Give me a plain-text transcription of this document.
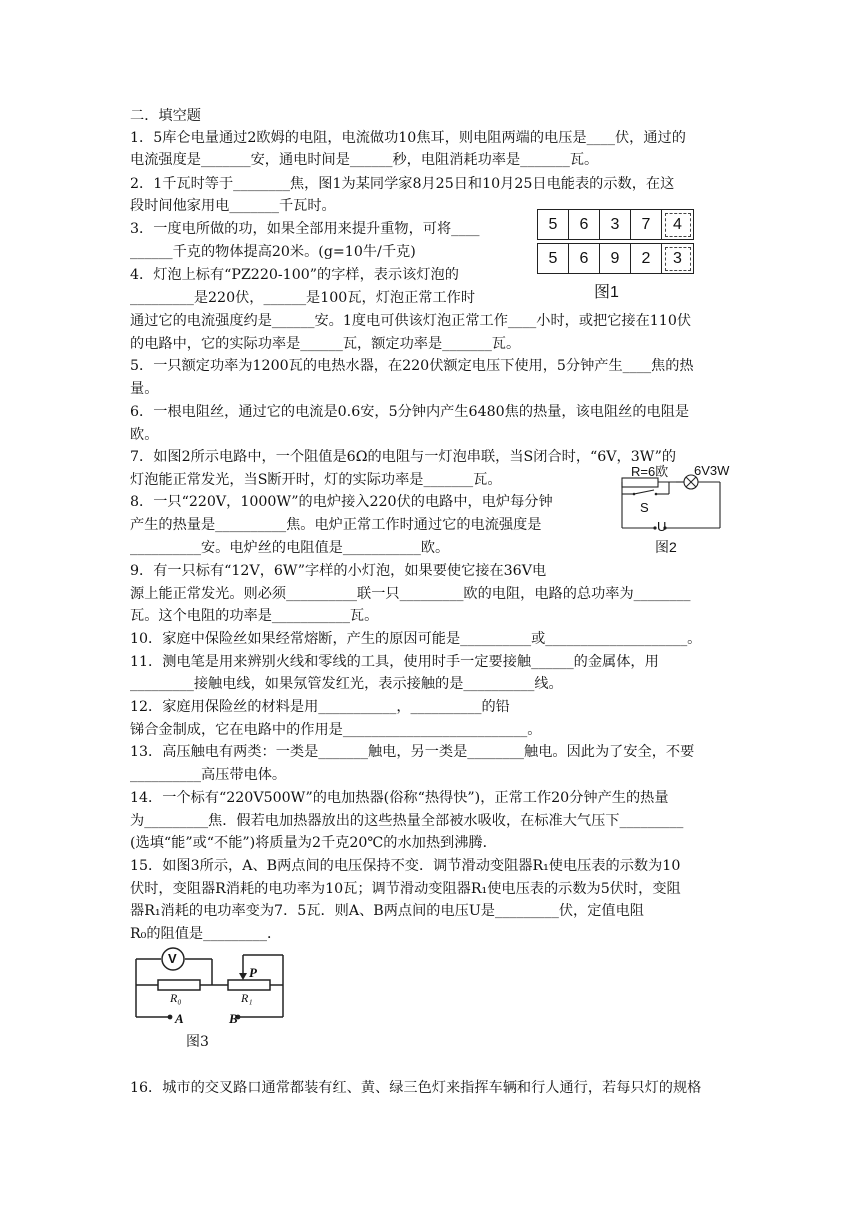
二．填空题
1．5库仑电量通过2欧姆的电阻，电流做功10焦耳，则电阻两端的电压是____伏，通过的
电流强度是_______安，通电时间是______秒，电阻消耗功率是_______瓦。
2．1千瓦时等于________焦，图1为某同学家8月25日和10月25日电能表的示数，在这
段时间他家用电_______千瓦时。
3．一度电所做的功，如果全部用来提升重物，可将____
______千克的物体提高20米。(g=10牛/千克)
4．灯泡上标有“PZ220-100”的字样，表示该灯泡的
_________是220伏，______是100瓦，灯泡正常工作时
通过它的电流强度约是______安。1度电可供该灯泡正常工作____小时，或把它接在110伏
的电路中，它的实际功率是______瓦，额定功率是_______瓦。
5．一只额定功率为1200瓦的电热水器，在220伏额定电压下使用，5分钟产生____焦的热
量。
6．一根电阻丝，通过它的电流是0.6安，5分钟内产生6480焦的热量，该电阻丝的电阻是
欧。
7．如图2所示电路中，一个阻值是6Ω的电阻与一灯泡串联，当S闭合时，“6V，3W”的
灯泡能正常发光，当S断开时，灯的实际功率是_______瓦。
8．一只“220V，1000W”的电炉接入220伏的电路中，电炉每分钟
产生的热量是__________焦。电炉正常工作时通过它的电流强度是
__________安。电炉丝的电阻值是___________欧。
9．有一只标有“12V，6W”字样的小灯泡，如果要使它接在36V电
源上能正常发光。则必须__________联一只_________欧的电阻，电路的总功率为________
瓦。这个电阻的功率是___________瓦。
10．家庭中保险丝如果经常熔断，产生的原因可能是__________或____________________。
11．测电笔是用来辨别火线和零线的工具，使用时手一定要接触______的金属体，用
_________接触电线，如果氖管发红光，表示接触的是__________线。
12．家庭用保险丝的材料是用___________，__________的铅
锑合金制成，它在电路中的作用是__________________________。
13．高压触电有两类：一类是_______触电，另一类是________触电。因此为了安全，不要
__________高压带电体。
14．一个标有“220V500W”的电加热器(俗称“热得快”)，正常工作20分钟产生的热量
为_________焦．假若电加热器放出的这些热量全部被水吸收，在标准大气压下_________
(选填“能”或“不能”)将质量为2千克20℃的水加热到沸腾．
15．如图3所示，A、B两点间的电压保持不变．调节滑动变阻器R₁使电压表的示数为10
伏时，变阻器R消耗的电功率为10瓦；调节滑动变阻器R₁使电压表的示数为5伏时，变阻
器R₁消耗的电功率变为7．5瓦．则A、B两点间的电压U是_________伏，定值电阻
R₀的阻值是_________．
16．城市的交叉路口通常都装有红、黄、绿三色灯来指挥车辆和行人通行，若每只灯的规格
5	6	3	7	4
5	6	9	2	3
图1
R=6欧 6V3W
S
U
图2
V
P
R₀	R₁
A	B
图3
